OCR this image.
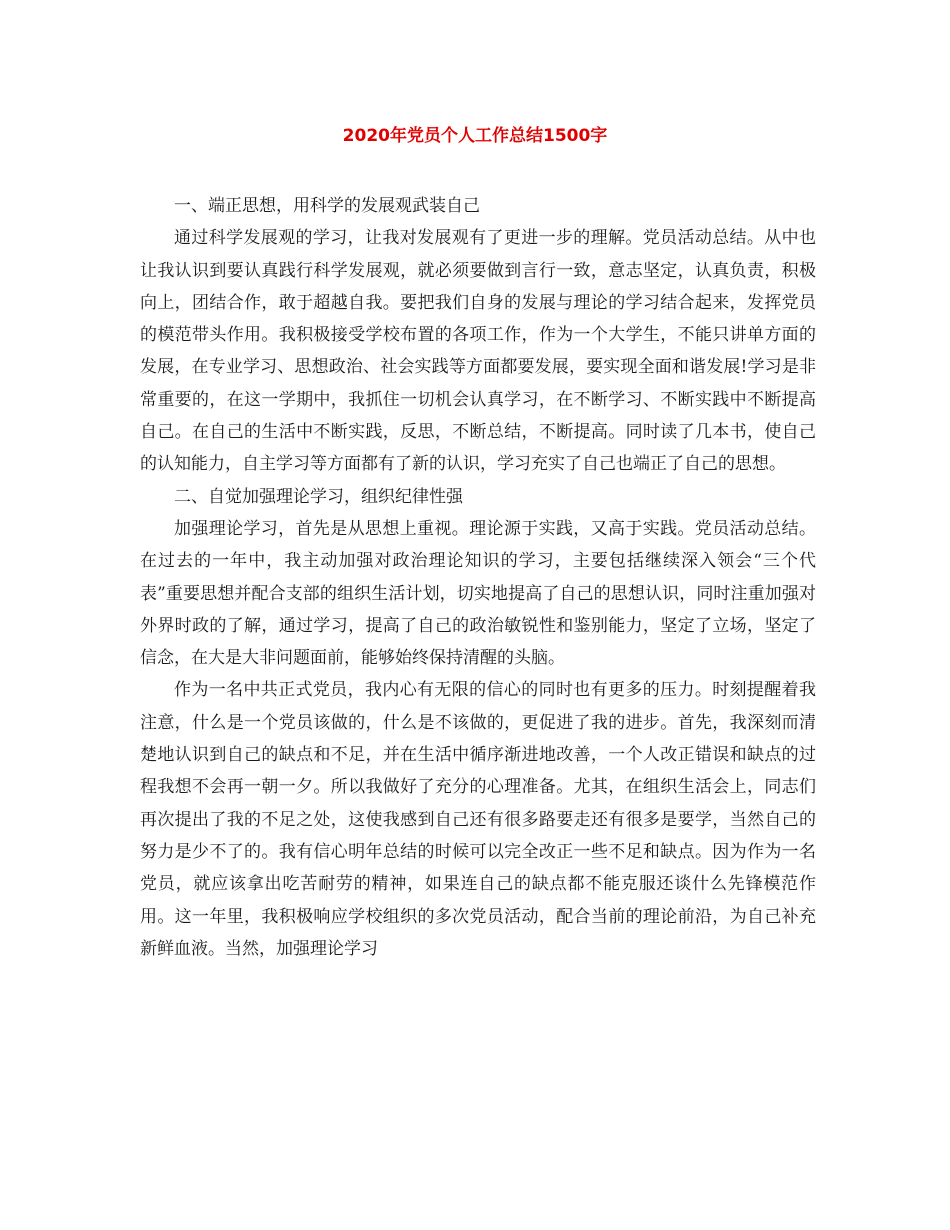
2020年党员个人工作总结1500字

一、端正思想，用科学的发展观武装自己

通过科学发展观的学习，让我对发展观有了更进一步的理解。党员活动总结。从中也让我认识到要认真践行科学发展观，就必须要做到言行一致，意志坚定，认真负责，积极向上，团结合作，敢于超越自我。要把我们自身的发展与理论的学习结合起来，发挥党员的模范带头作用。我积极接受学校布置的各项工作，作为一个大学生，不能只讲单方面的发展，在专业学习、思想政治、社会实践等方面都要发展，要实现全面和谐发展!学习是非常重要的，在这一学期中，我抓住一切机会认真学习，在不断学习、不断实践中不断提高自己。在自己的生活中不断实践，反思，不断总结，不断提高。同时读了几本书，使自己的认知能力，自主学习等方面都有了新的认识，学习充实了自己也端正了自己的思想。

二、自觉加强理论学习，组织纪律性强

加强理论学习，首先是从思想上重视。理论源于实践，又高于实践。党员活动总结。在过去的一年中，我主动加强对政治理论知识的学习，主要包括继续深入领会“三个代表”重要思想并配合支部的组织生活计划，切实地提高了自己的思想认识，同时注重加强对外界时政的了解，通过学习，提高了自己的政治敏锐性和鉴别能力，坚定了立场，坚定了信念，在大是大非问题面前，能够始终保持清醒的头脑。

作为一名中共正式党员，我内心有无限的信心的同时也有更多的压力。时刻提醒着我注意，什么是一个党员该做的，什么是不该做的，更促进了我的进步。首先，我深刻而清楚地认识到自己的缺点和不足，并在生活中循序渐进地改善，一个人改正错误和缺点的过程我想不会再一朝一夕。所以我做好了充分的心理准备。尤其，在组织生活会上，同志们再次提出了我的不足之处，这使我感到自己还有很多路要走还有很多是要学，当然自己的努力是少不了的。我有信心明年总结的时候可以完全改正一些不足和缺点。因为作为一名党员，就应该拿出吃苦耐劳的精神，如果连自己的缺点都不能克服还谈什么先锋模范作用。这一年里，我积极响应学校组织的多次党员活动，配合当前的理论前沿，为自己补充新鲜血液。当然，加强理论学习
